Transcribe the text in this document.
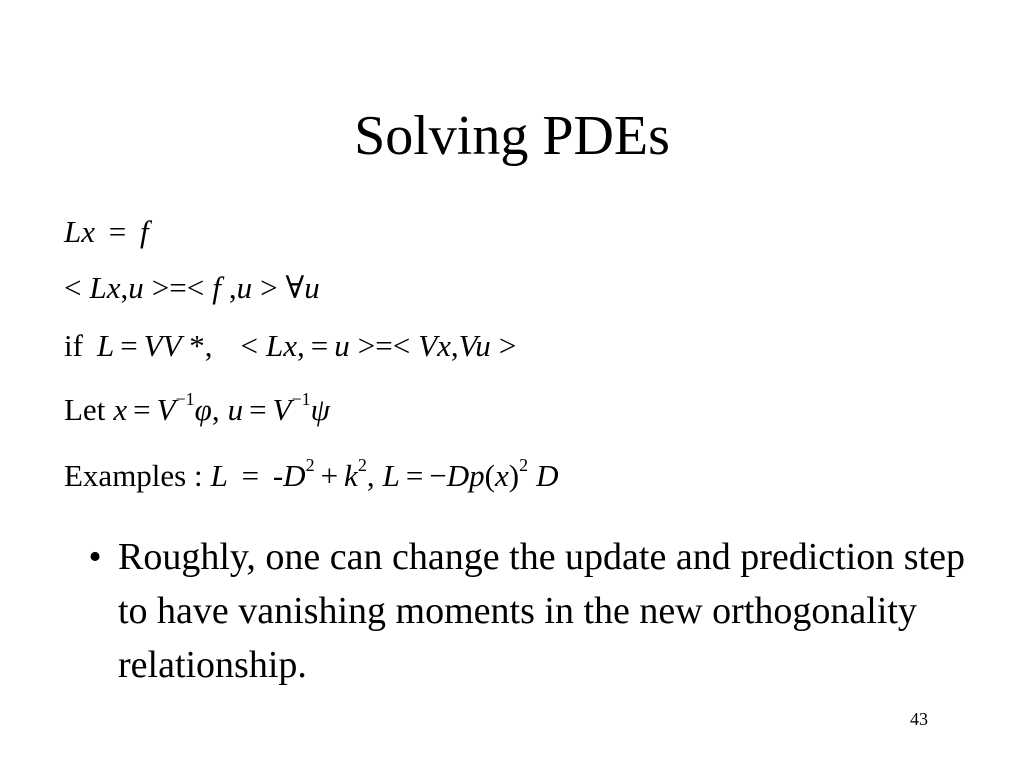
Solving PDEs
Lx = f
< Lx,u >=< f ,u > ∀u
if L = VV *, < Lx, = u >=< Vx,Vu >
Let $x = V^{-1}\varphi$, $u = V^{-1}\psi$
Examples : $L = -D^2 + k^2$, $L = -Dp(x)^2$ D
• Roughly, one can change the update and prediction step to have vanishing moments in the new orthogonality relationship.
43
